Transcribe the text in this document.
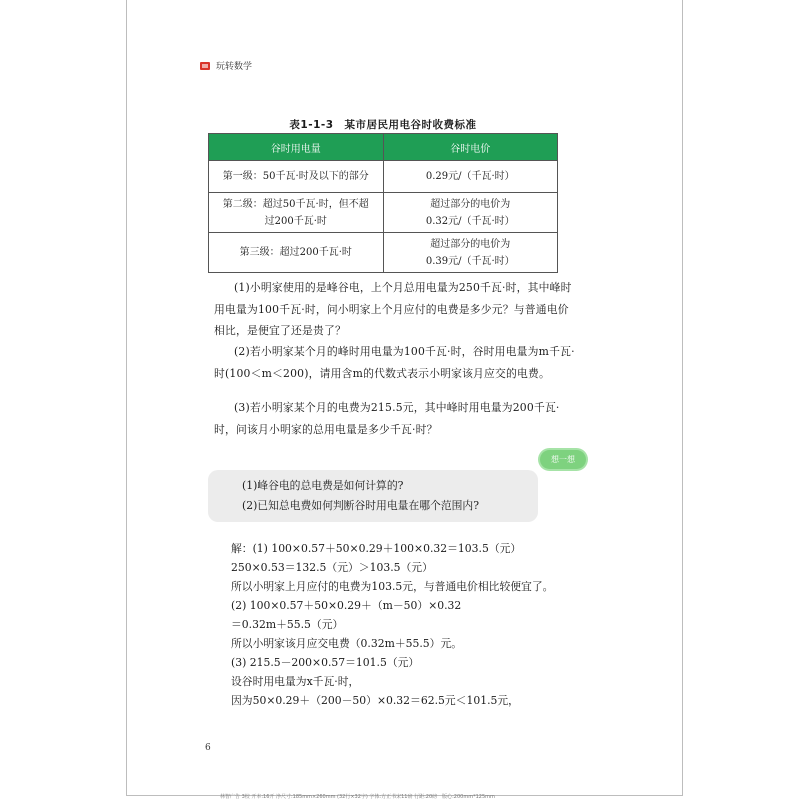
玩转数学
表1-1-3　某市居民用电谷时收费标准
谷时用电量	谷时电价
第一级：50千瓦·时及以下的部分	0.29元/（千瓦·时）
第二级：超过50千瓦·时，但不超
过200千瓦·时	超过部分的电价为
0.32元/（千瓦·时）
第三级：超过200千瓦·时	超过部分的电价为
0.39元/（千瓦·时）
(1)小明家使用的是峰谷电，上个月总用电量为250千瓦·时，其中峰时用电量为100千瓦·时，问小明家上个月应付的电费是多少元？与普通电价相比，是便宜了还是贵了？
(2)若小明家某个月的峰时用电量为100千瓦·时，谷时用电量为m千瓦·时(100＜m＜200)，请用含m的代数式表示小明家该月应交的电费。
(3)若小明家某个月的电费为215.5元，其中峰时用电量为200千瓦·时，问该月小明家的总用电量是多少千瓦·时？
想一想
(1)峰谷电的总电费是如何计算的?
(2)已知总电费如何判断谷时用电量在哪个范围内?
解：(1) 100×0.57＋50×0.29＋100×0.32＝103.5（元）
250×0.53＝132.5（元）＞103.5（元）
所以小明家上月应付的电费为103.5元，与普通电价相比较便宜了。
(2) 100×0.57＋50×0.29＋（m－50）×0.32
＝0.32m＋55.5（元）
所以小明家该月应交电费（0.32m＋55.5）元。
(3) 215.5－200×0.57＝101.5（元）
设谷时用电量为x千瓦·时，
因为50×0.29＋（200－50）×0.32＝62.5元＜101.5元，
6
林智广告 3校 开本:16开 净尺寸:185mm×260mm (32行×32字) 字体:方正书宋11磅 行距:20磅　版心:200mm*125mm
